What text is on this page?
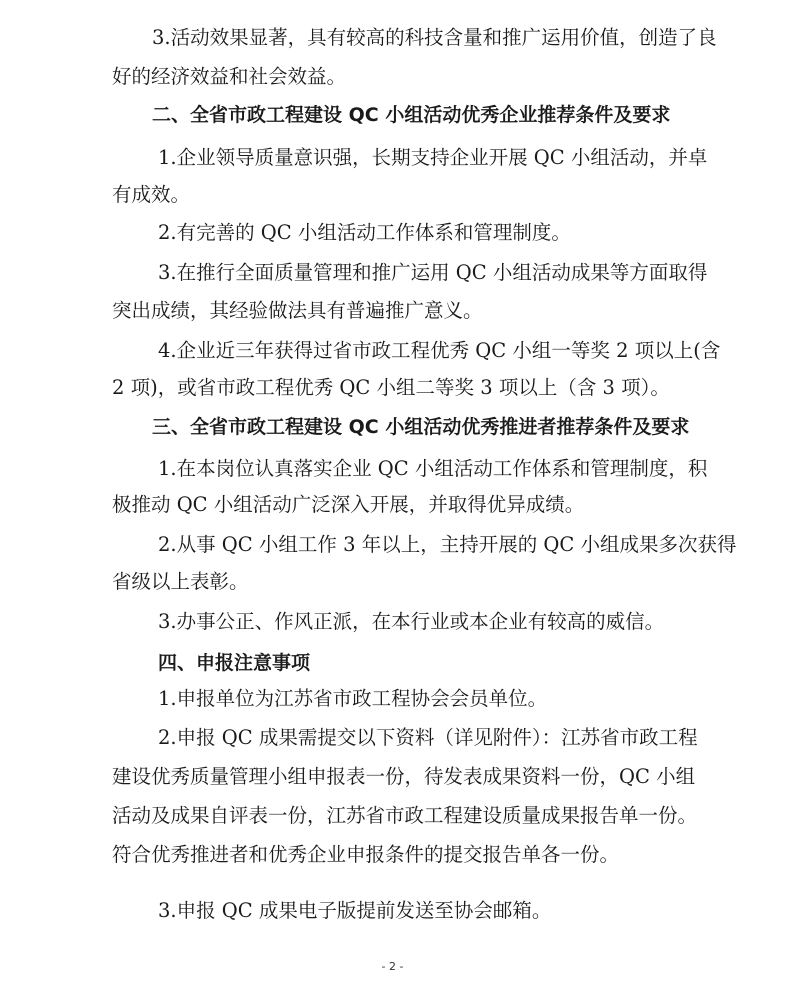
3.活动效果显著，具有较高的科技含量和推广运用价值，创造了良
好的经济效益和社会效益。
二、全省市政工程建设 QC 小组活动优秀企业推荐条件及要求
1.企业领导质量意识强，长期支持企业开展 QC 小组活动，并卓
有成效。
2.有完善的 QC 小组活动工作体系和管理制度。
3.在推行全面质量管理和推广运用 QC 小组活动成果等方面取得
突出成绩，其经验做法具有普遍推广意义。
4.企业近三年获得过省市政工程优秀 QC 小组一等奖 2 项以上(含
2 项)，或省市政工程优秀 QC 小组二等奖 3 项以上（含 3 项）。
三、全省市政工程建设 QC 小组活动优秀推进者推荐条件及要求
1.在本岗位认真落实企业 QC 小组活动工作体系和管理制度，积
极推动 QC 小组活动广泛深入开展，并取得优异成绩。
2.从事 QC 小组工作 3 年以上，主持开展的 QC 小组成果多次获得
省级以上表彰。
3.办事公正、作风正派，在本行业或本企业有较高的威信。
四、申报注意事项
1.申报单位为江苏省市政工程协会会员单位。
2.申报 QC 成果需提交以下资料（详见附件）：江苏省市政工程
建设优秀质量管理小组申报表一份，待发表成果资料一份，QC 小组
活动及成果自评表一份，江苏省市政工程建设质量成果报告单一份。
符合优秀推进者和优秀企业申报条件的提交报告单各一份。
3.申报 QC 成果电子版提前发送至协会邮箱。
- 2 -
